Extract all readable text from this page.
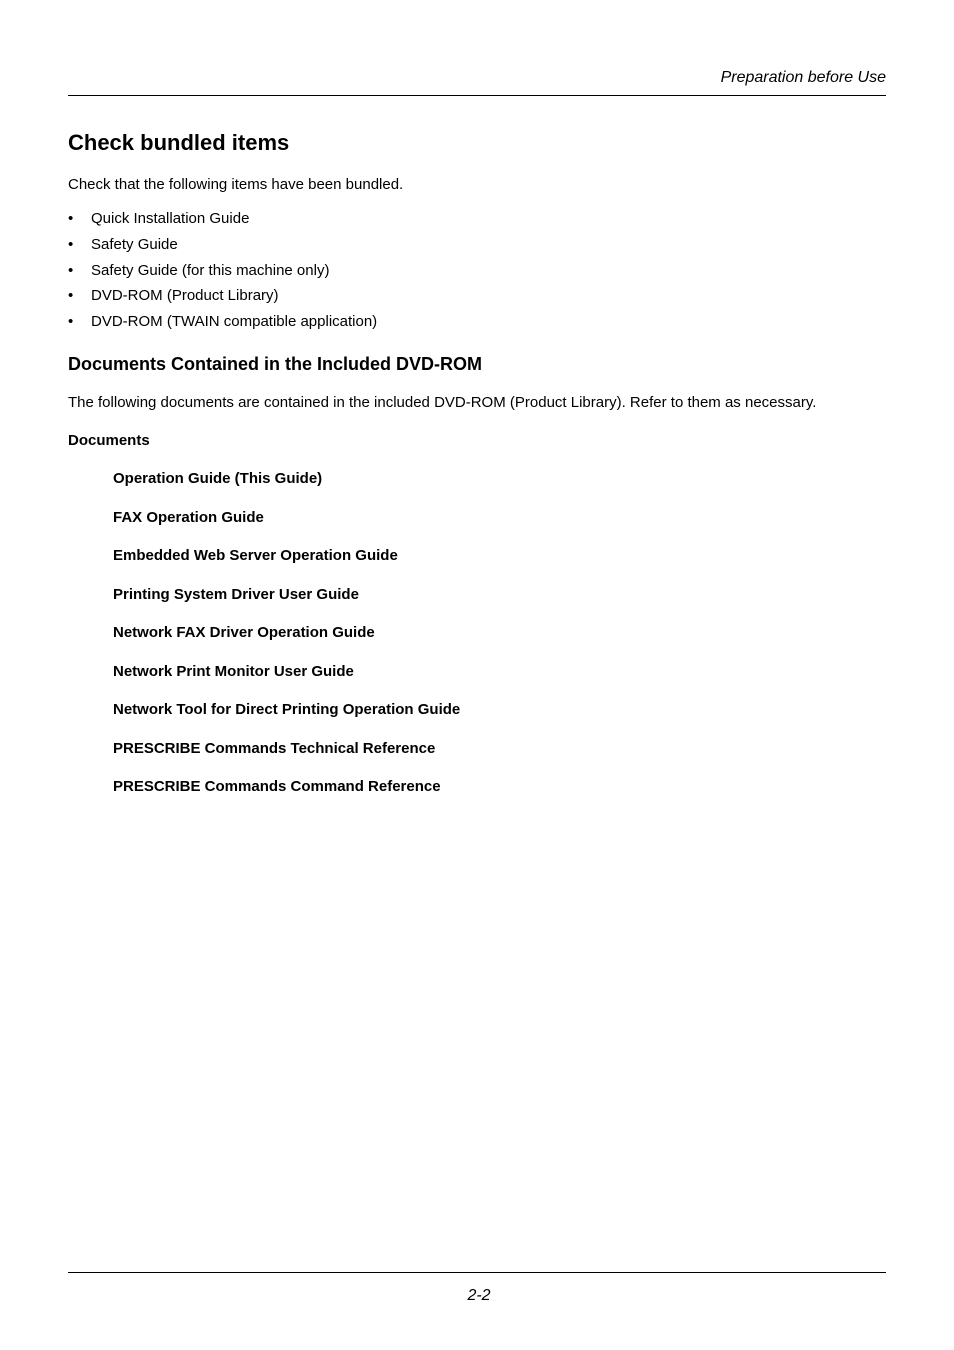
Preparation before Use
Check bundled items

Check that the following items have been bundled.

•	Quick Installation Guide
•	Safety Guide
•	Safety Guide (for this machine only)
•	DVD-ROM (Product Library)
•	DVD-ROM (TWAIN compatible application)
Documents Contained in the Included DVD-ROM

The following documents are contained in the included DVD-ROM (Product Library). Refer to them as necessary.

Documents
Operation Guide (This Guide)
FAX Operation Guide
Embedded Web Server Operation Guide
Printing System Driver User Guide
Network FAX Driver Operation Guide
Network Print Monitor User Guide
Network Tool for Direct Printing Operation Guide
PRESCRIBE Commands Technical Reference
PRESCRIBE Commands Command Reference
2-2
